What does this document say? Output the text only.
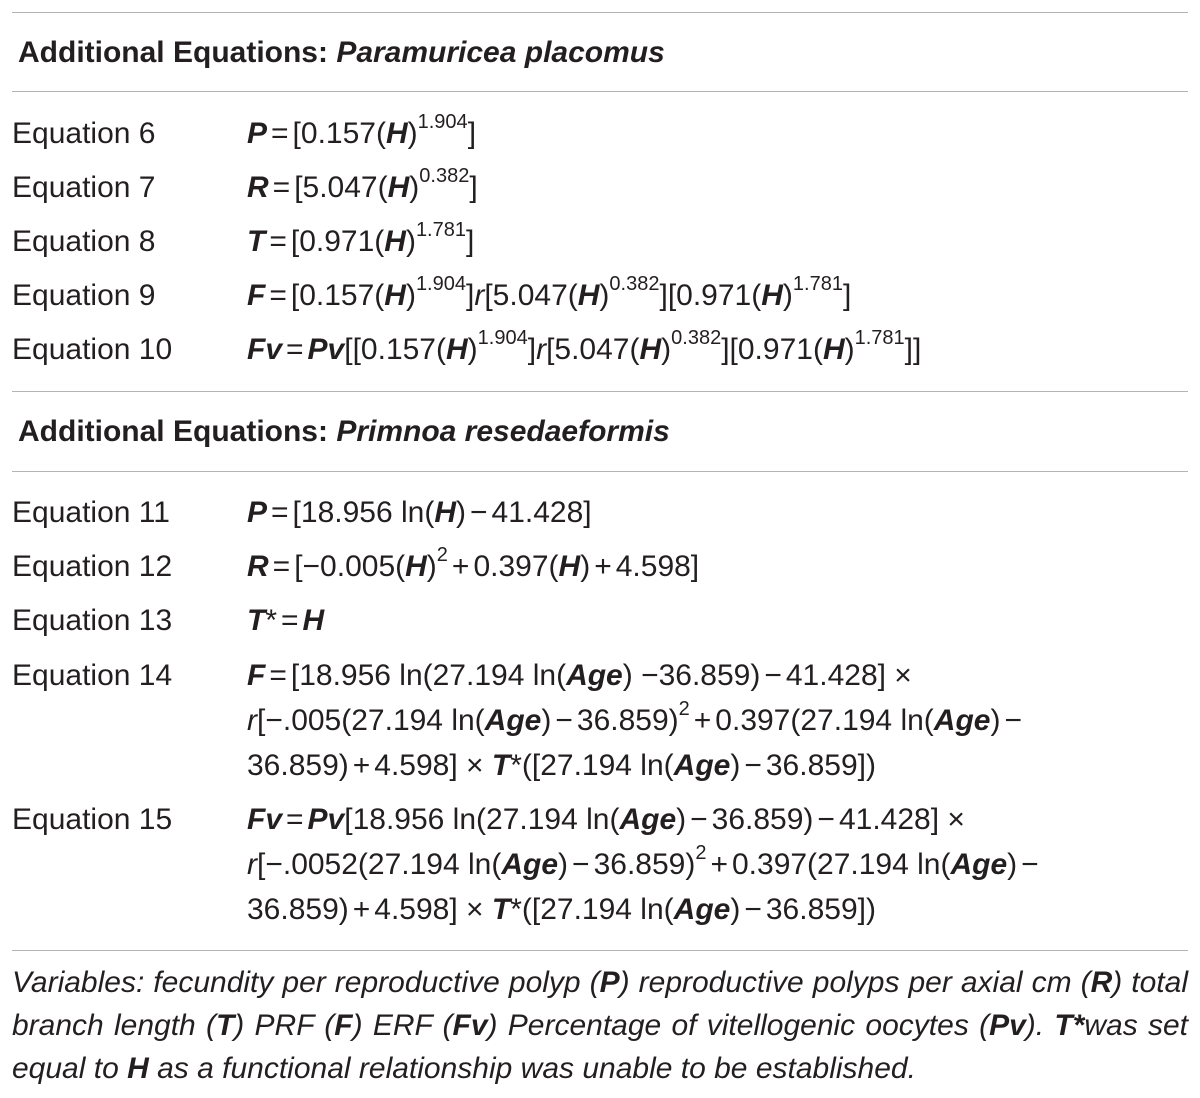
Additional Equations: Paramuricea placomus
Equation 6	$P = [0.157(H)^{1.904}]$
Equation 7	$R = [5.047(H)^{0.382}]$
Equation 8	$T = [0.971(H)^{1.781}]$
Equation 9	$F = [0.157(H)^{1.904}]r[5.047(H)^{0.382}][0.971(H)^{1.781}]$
Equation 10 $Fv = Pv[[0.157(H)^{1.904}]r[5.047(H)^{0.382}][0.971(H)^{1.781}]]$
Additional Equations: Primnoa resedaeformis
Equation 11	P = [18.956 ln(H) − 41.428]
Equation 12 $R = [-0.005(H)^2 + 0.397(H) + 4.598]$
Equation 13 T* = H
Equation 14 F = [18.956 ln(27.194 ln(Age) −36.859) − 41.428] ×
r[−.005(27.194 ln(Age) − 36.859)$^2$ + 0.397(27.194 ln(Age) −
36.859) + 4.598] × T*([27.194 ln(Age) − 36.859])
Equation 15 Fv = Pv[18.956 ln(27.194 ln(Age) − 36.859) − 41.428] ×
r[−.0052(27.194 ln(Age) − 36.859)$^2$ + 0.397(27.194 ln(Age) −
36.859) + 4.598] × T*([27.194 ln(Age) − 36.859])
Variables: fecundity per reproductive polyp (P) reproductive polyps per axial cm (R) total branch length (T) PRF (F) ERF (Fv) Percentage of vitellogenic oocytes (Pv). T*was set equal to H as a functional relationship was unable to be established.
